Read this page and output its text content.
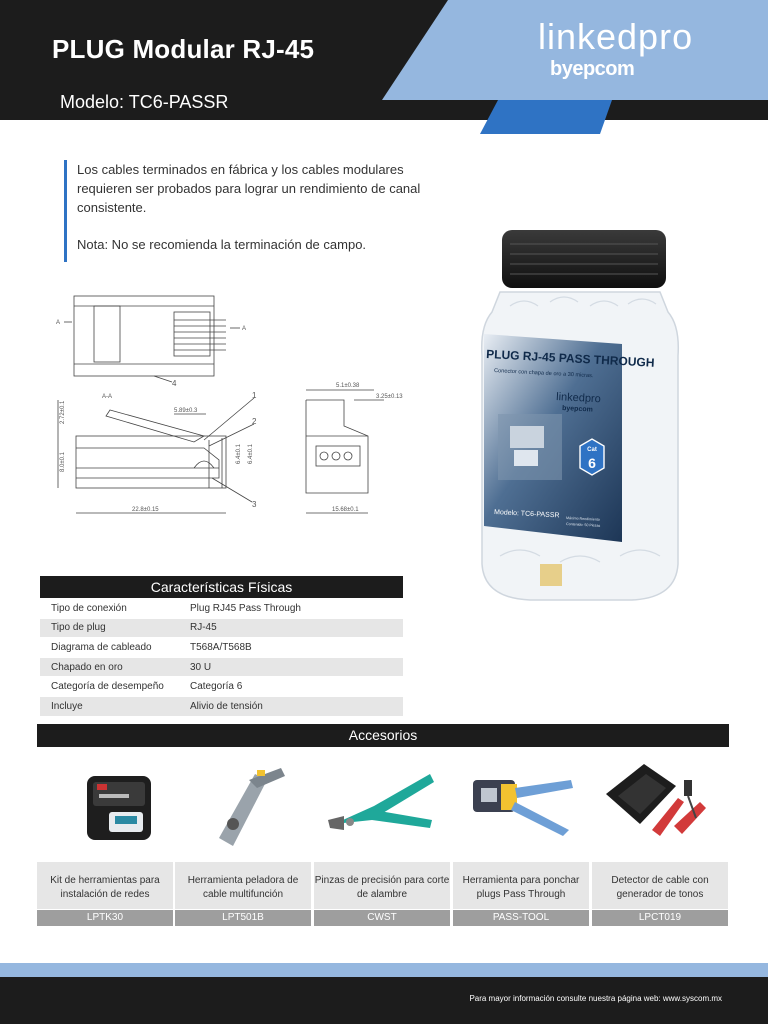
PLUG Modular RJ-45
Modelo: TC6-PASSR
linkedpro
byepcom

Los cables terminados en fábrica y los cables modulares requieren ser probados para lograr un rendimiento de canal consistente.

Nota: No se recomienda la terminación de campo.

A-A
A
A
1
2
3
4
2.72±0.1
8.0±0.1
22.8±0.15
5.89±0.3
6.4±0.1 6.4±0.1
5.1±0.38
3.25±0.13
15.68±0.1
PLUG RJ-45 PASS THROUGH
Conector con chapa de oro a 30 micras.
linkedpro
byepcom
Cat
6
Modelo: TC6-PASSR Máximo Rendimiento
Contenido: 50 Piezas
Características Físicas
Tipo de conexión	Plug RJ45 Pass Through
Tipo de plug	RJ-45
Diagrama de cableado	T568A/T568B
Chapado en oro	30 U
Categoría de desempeño	Categoría 6
Incluye	Alivio de tensión
Accesorios
Kit de herramientas para instalación de redes
LPTK30
Herramienta peladora de cable multifunción
LPT501B
Pinzas de precisión para corte de alambre
CWST
Herramienta para ponchar plugs Pass Through
PASS-TOOL
Detector de cable con generador de tonos
LPCT019
Para mayor información consulte nuestra página web: www.syscom.mx
